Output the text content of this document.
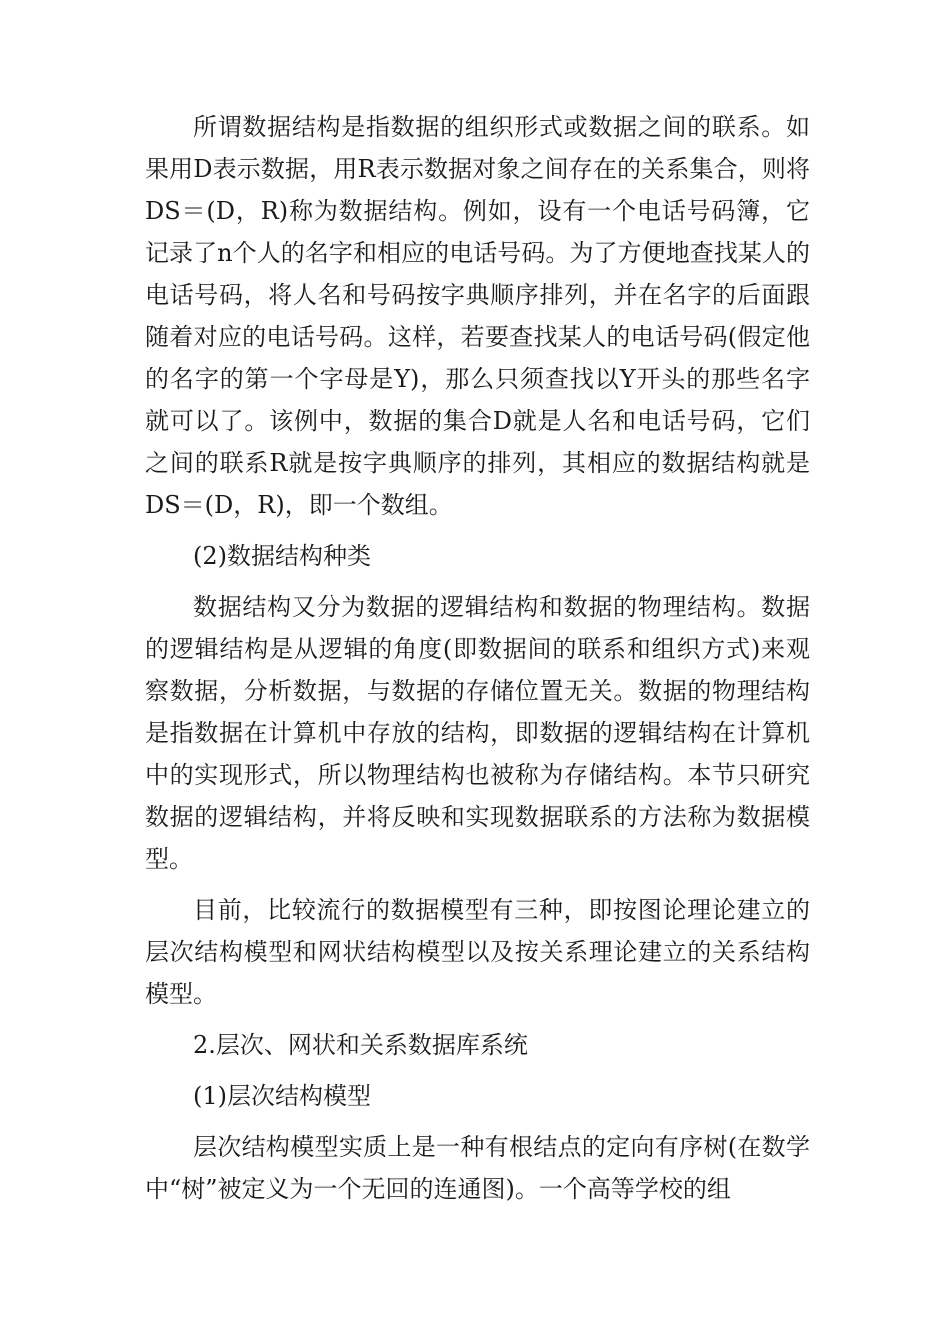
所谓数据结构是指数据的组织形式或数据之间的联系。如果用D表示数据，用R表示数据对象之间存在的关系集合，则将DS＝(D，R)称为数据结构。例如，设有一个电话号码簿，它记录了n个人的名字和相应的电话号码。为了方便地查找某人的电话号码，将人名和号码按字典顺序排列，并在名字的后面跟随着对应的电话号码。这样，若要查找某人的电话号码(假定他的名字的第一个字母是Y)，那么只须查找以Y开头的那些名字就可以了。该例中，数据的集合D就是人名和电话号码，它们之间的联系R就是按字典顺序的排列，其相应的数据结构就是DS＝(D，R)，即一个数组。

(2)数据结构种类

数据结构又分为数据的逻辑结构和数据的物理结构。数据的逻辑结构是从逻辑的角度(即数据间的联系和组织方式)来观察数据，分析数据，与数据的存储位置无关。数据的物理结构是指数据在计算机中存放的结构，即数据的逻辑结构在计算机中的实现形式，所以物理结构也被称为存储结构。本节只研究数据的逻辑结构，并将反映和实现数据联系的方法称为数据模型。

目前，比较流行的数据模型有三种，即按图论理论建立的层次结构模型和网状结构模型以及按关系理论建立的关系结构模型。

2.层次、网状和关系数据库系统

(1)层次结构模型

层次结构模型实质上是一种有根结点的定向有序树(在数学中“树”被定义为一个无回的连通图)。一个高等学校的组
